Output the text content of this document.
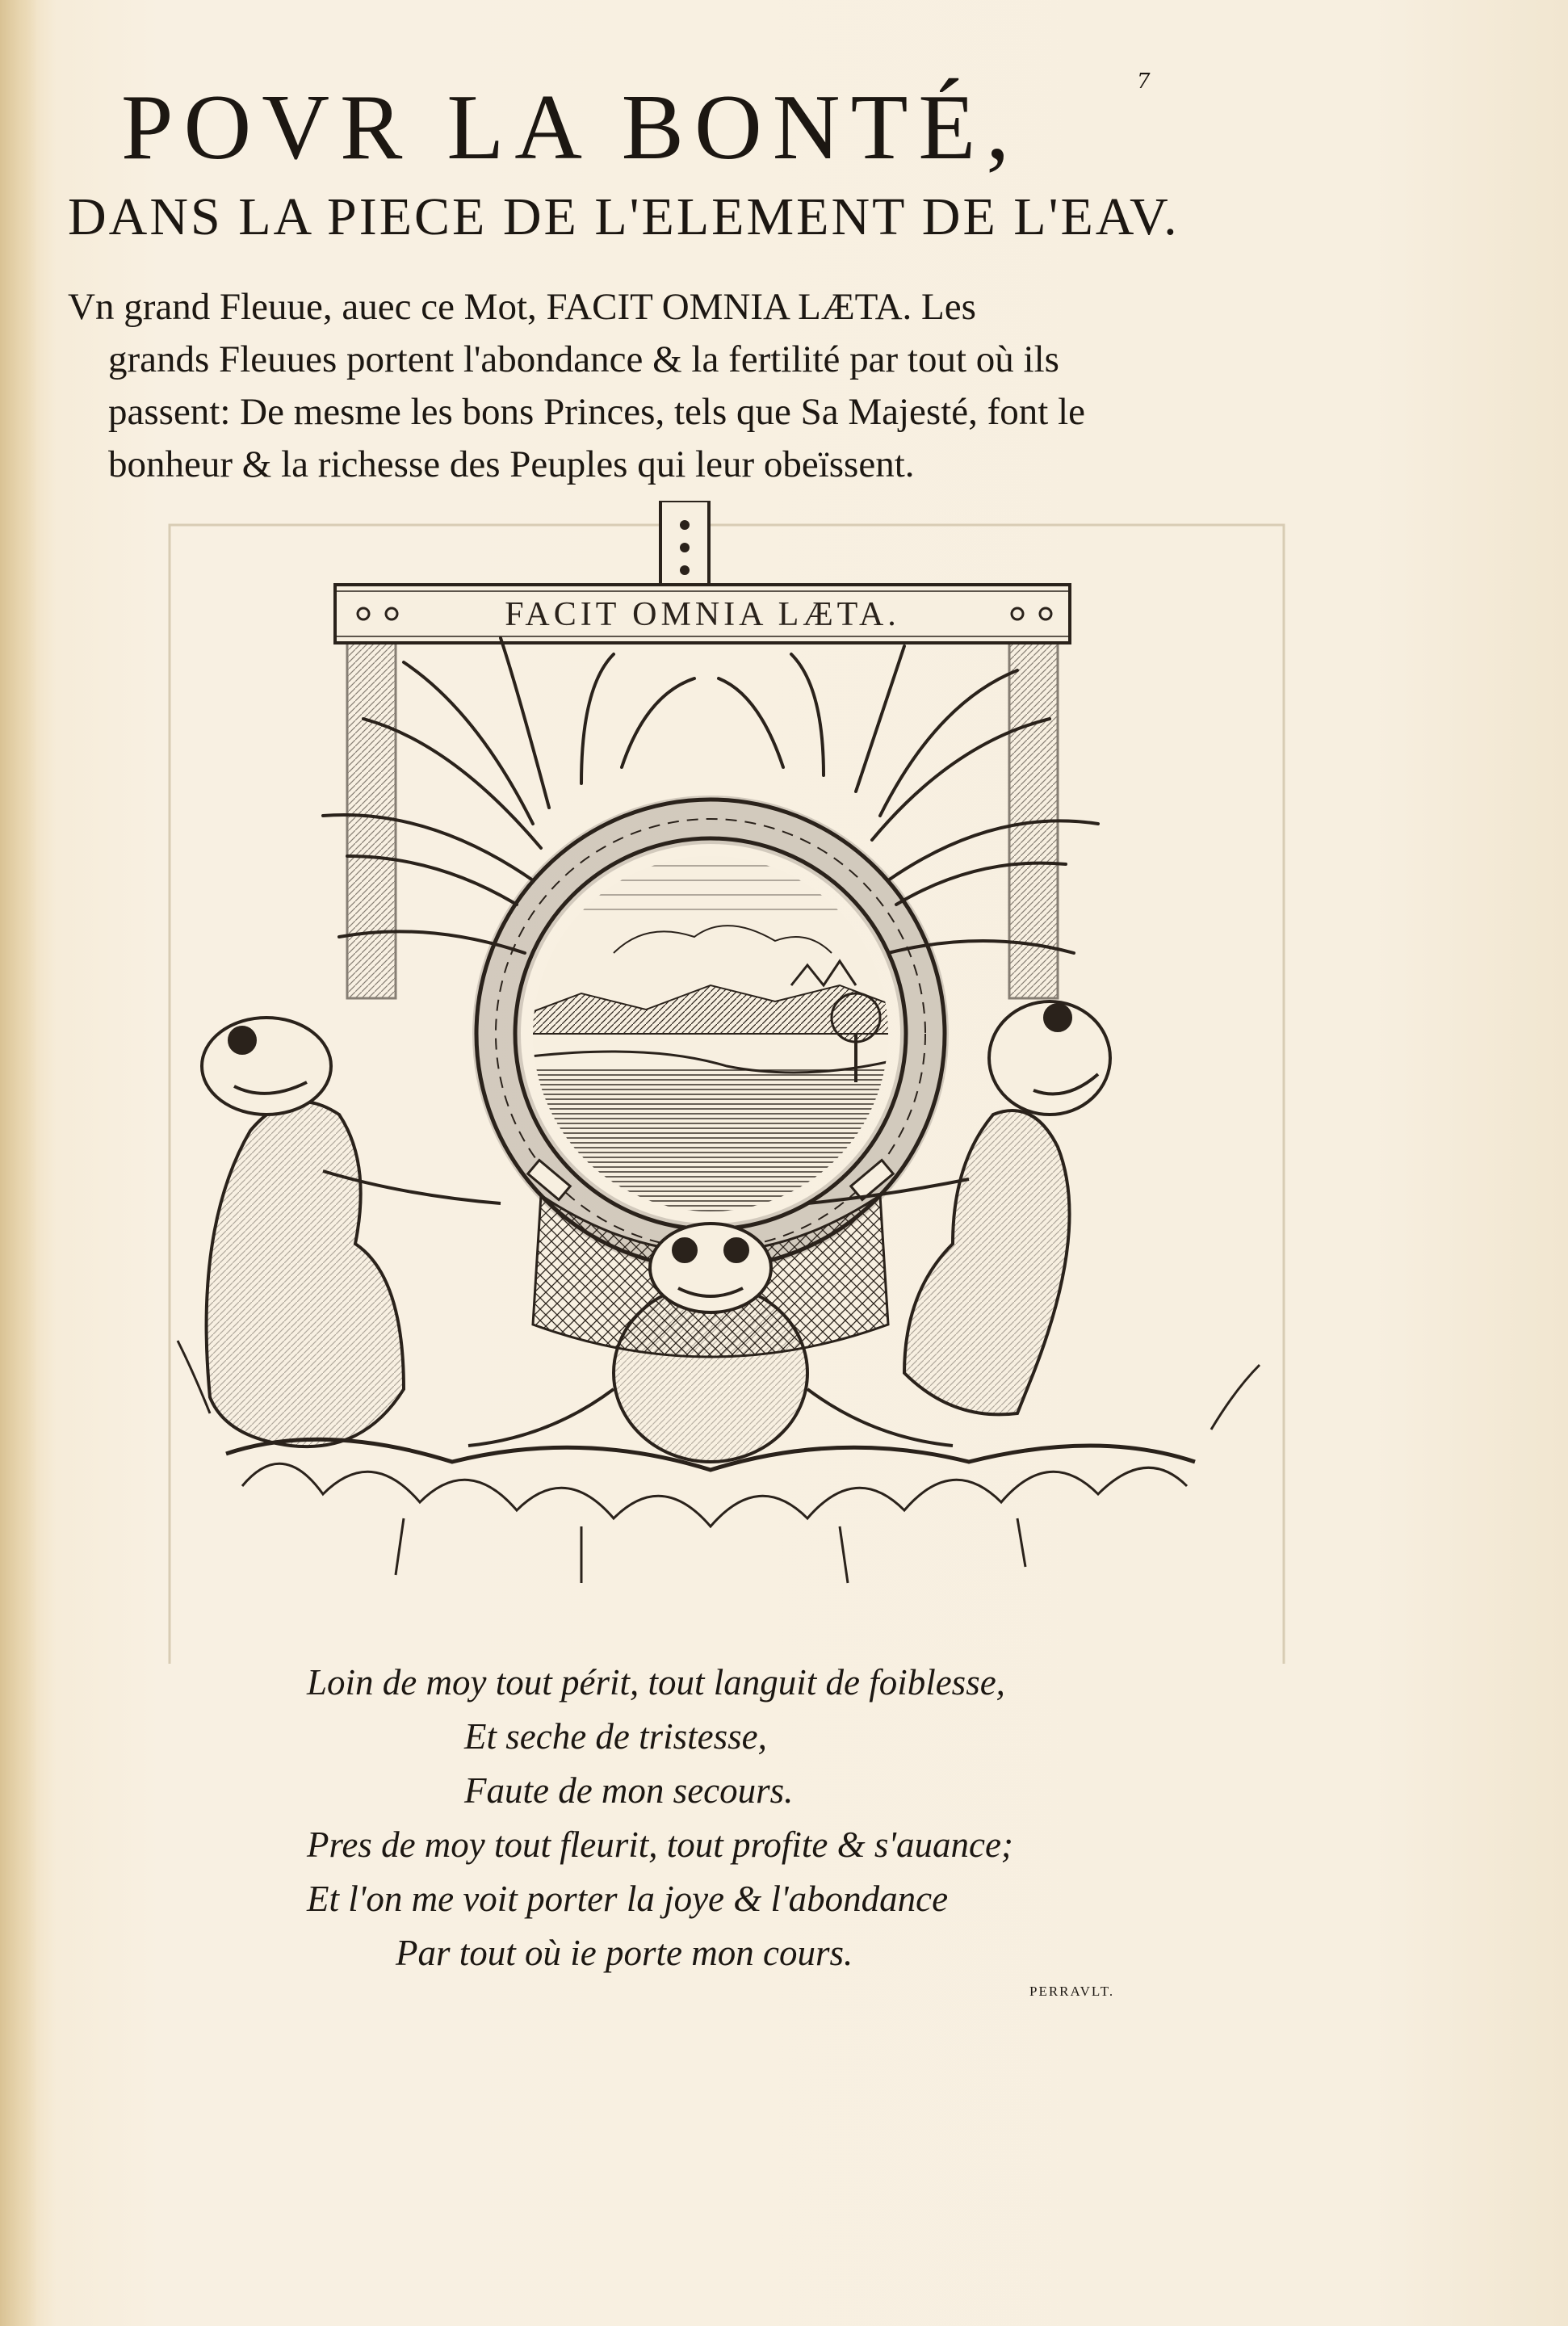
7
POVR LA BONTÉ,
DANS LA PIECE DE L'ELEMENT DE L'EAV.

Vn grand Fleuue, auec ce Mot, FACIT OMNIA LÆTA. Les
grands Fleuues portent l'abondance & la fertilité par tout où ils
passent: De mesme les bons Princes, tels que Sa Majesté, font le
bonheur & la richesse des Peuples qui leur obeïssent.

FACIT OMNIA LÆTA.

Loin de moy tout périt, tout languit de foiblesse,
Et seche de tristesse,
Faute de mon secours.
Pres de moy tout fleurit, tout profite & s'auance;
Et l'on me voit porter la joye & l'abondance
Par tout où ie porte mon cours.

PERRAVLT.
